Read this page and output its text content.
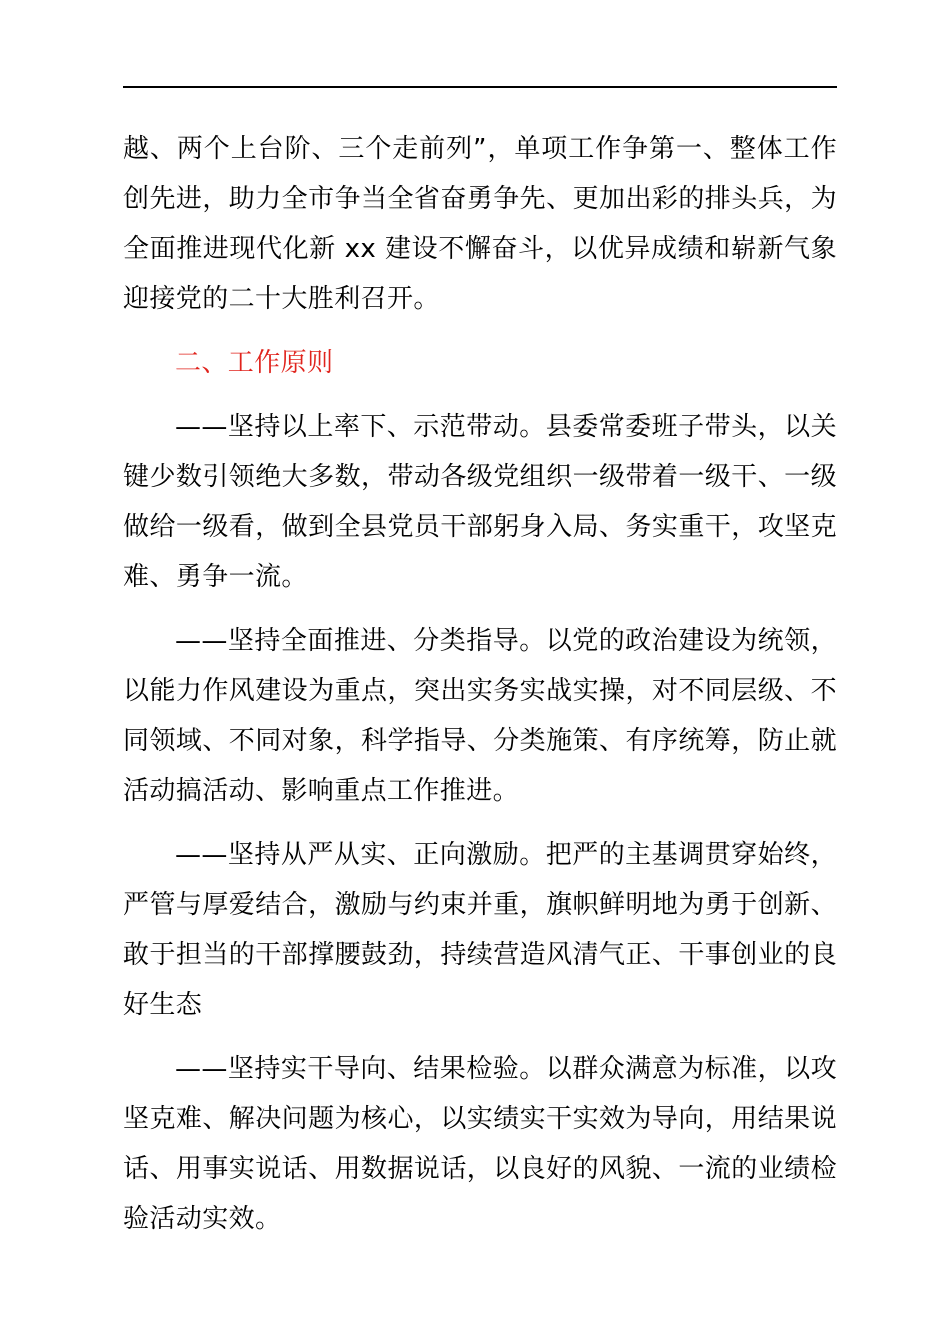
越、两个上台阶、三个走前列”，单项工作争第一、整体工作创先进，助力全市争当全省奋勇争先、更加出彩的排头兵，为全面推进现代化新 xx 建设不懈奋斗，以优异成绩和崭新气象迎接党的二十大胜利召开。

二、工作原则

——坚持以上率下、示范带动。县委常委班子带头，以关键少数引领绝大多数，带动各级党组织一级带着一级干、一级做给一级看，做到全县党员干部躬身入局、务实重干，攻坚克难、勇争一流。

——坚持全面推进、分类指导。以党的政治建设为统领，以能力作风建设为重点，突出实务实战实操，对不同层级、不同领域、不同对象，科学指导、分类施策、有序统筹，防止就活动搞活动、影响重点工作推进。

——坚持从严从实、正向激励。把严的主基调贯穿始终，严管与厚爱结合，激励与约束并重，旗帜鲜明地为勇于创新、敢于担当的干部撑腰鼓劲，持续营造风清气正、干事创业的良好生态

——坚持实干导向、结果检验。以群众满意为标准，以攻坚克难、解决问题为核心，以实绩实干实效为导向，用结果说话、用事实说话、用数据说话，以良好的风貌、一流的业绩检验活动实效。
